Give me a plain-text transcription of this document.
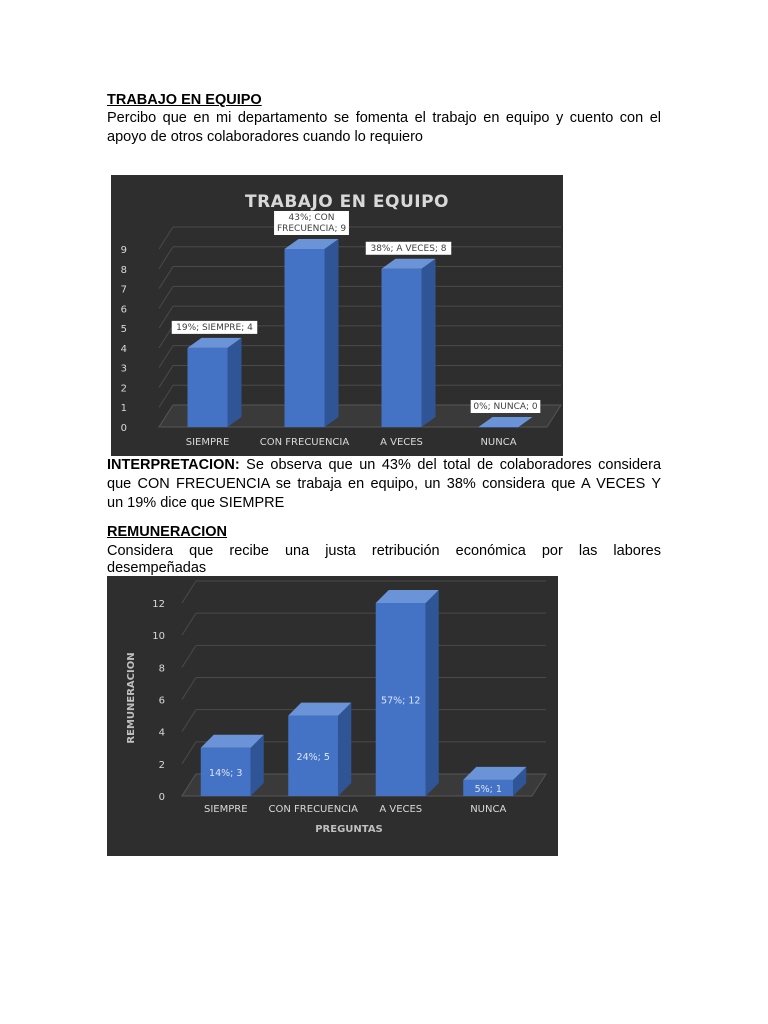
TRABAJO EN EQUIPO
Percibo que en mi departamento se fomenta el trabajo en equipo y cuento con el
apoyo de otros colaboradores cuando lo requiero
0
1
2
3
4
5
6
7
8
9
SIEMPRE
19%; SIEMPRE; 4
CON FRECUENCIA
43%; CON
FRECUENCIA; 9
A VECES
38%; A VECES; 8
NUNCA
0%; NUNCA; 0
TRABAJO EN EQUIPO
INTERPRETACION: Se observa que un 43% del total de colaboradores considera
que CON FRECUENCIA se trabaja en equipo, un 38% considera que A VECES Y
un 19% dice que SIEMPRE
REMUNERACION
Considera que recibe una justa retribución económica por las labores
desempeñadas
0
2
4
6
8
10
12
SIEMPRE
14%; 3
CON FRECUENCIA
24%; 5
A VECES
57%; 12
NUNCA
5%; 1
PREGUNTAS
REMUNERACION
